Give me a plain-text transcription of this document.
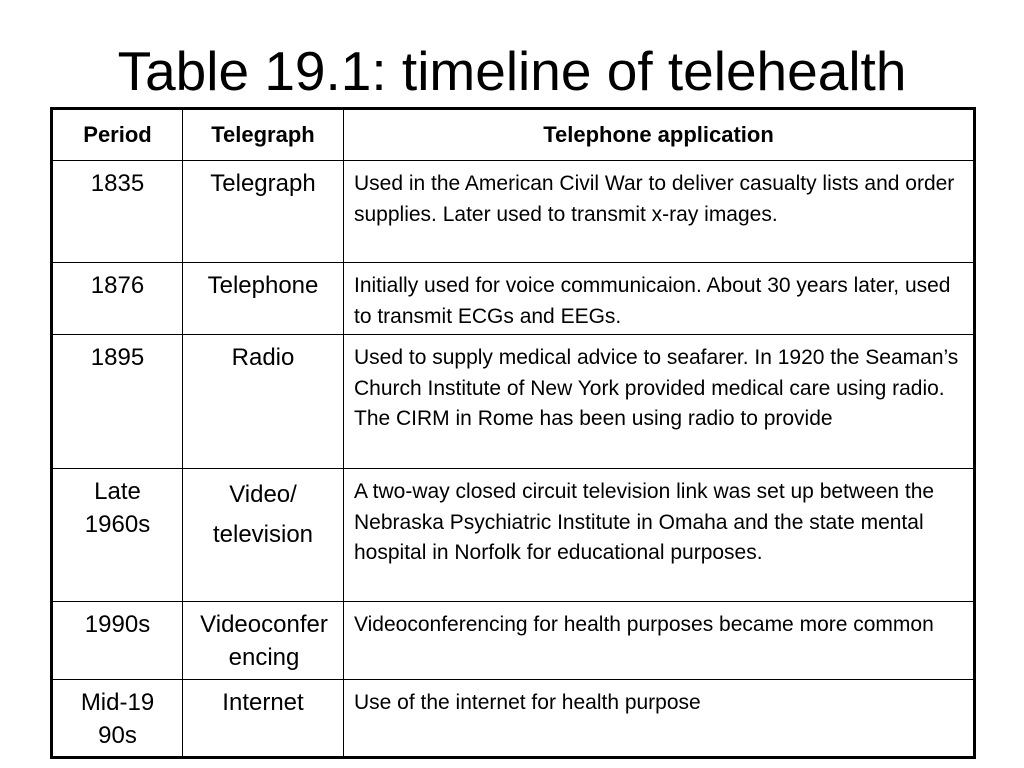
Table 19.1: timeline of telehealth
Period	Telegraph	Telephone application
1835	Telegraph	Used in the American Civil War to deliver casualty lists and order supplies. Later used to transmit x-ray images.
1876	Telephone	Initially used for voice communicaion. About 30 years later, used to transmit ECGs and EEGs.
1895	Radio	Used to supply medical advice to seafarer. In 1920 the Seaman’s Church Institute of New York provided medical care using radio. The CIRM in Rome has been using radio to provide
Late 1960s	Video/ television	A two-way closed circuit television link was set up between the Nebraska Psychiatric Institute in Omaha and the state mental hospital in Norfolk for educational purposes.
1990s	Videoconferencing	Videoconferencing for health purposes became more common
Mid-1990s	Internet	Use of the internet for health purpose
